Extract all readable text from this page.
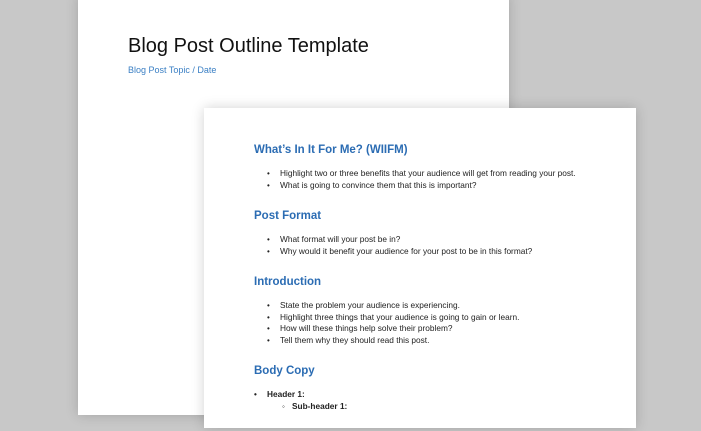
Blog Post Outline Template
Blog Post Topic / Date
What’s In It For Me? (WIIFM)
• Highlight two or three benefits that your audience will get from reading your post.
• What is going to convince them that this is important?
Post Format
• What format will your post be in?
• Why would it benefit your audience for your post to be in this format?
Introduction
• State the problem your audience is experiencing.
• Highlight three things that your audience is going to gain or learn.
• How will these things help solve their problem?
• Tell them why they should read this post.
Body Copy
• Header 1:
◦ Sub-header 1:
